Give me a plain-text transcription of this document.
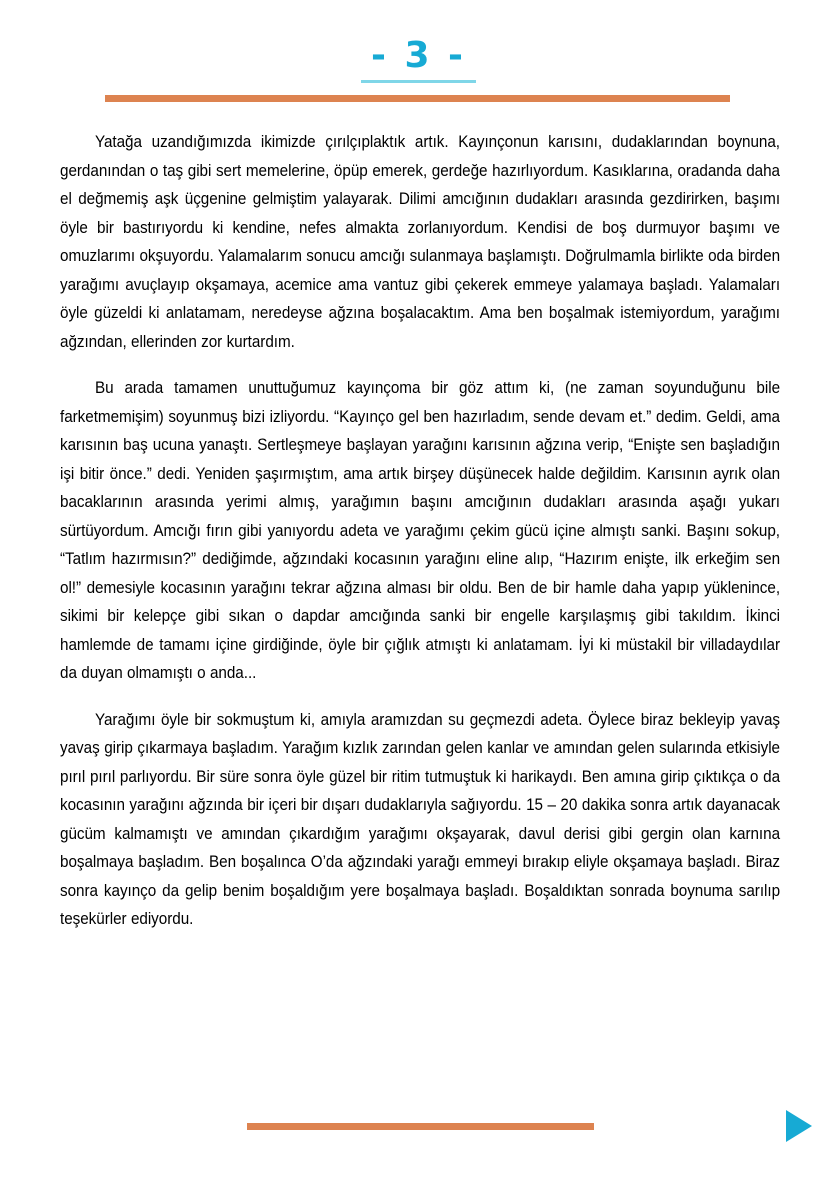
- 3 -

Yatağa uzandığımızda ikimizde çırılçıplaktık artık. Kayınçonun karısını, dudaklarından boynuna, gerdanından o taş gibi sert memelerine, öpüp emerek, gerdeğe hazırlıyordum. Kasıklarına, oradanda daha el değmemiş aşk üçgenine gelmiştim yalayarak. Dilimi amcığının dudakları arasında gezdirirken, başımı öyle bir bastırıyordu ki kendine, nefes almakta zorlanıyordum. Kendisi de boş durmuyor başımı ve omuzlarımı okşuyordu. Yalamalarım sonucu amcığı sulanmaya başlamıştı. Doğrulmamla birlikte oda birden yarağımı avuçlayıp okşamaya, acemice ama vantuz gibi çekerek emmeye yalamaya başladı. Yalamaları öyle güzeldi ki anlatamam, neredeyse ağzına boşalacaktım. Ama ben boşalmak istemiyordum, yarağımı ağzından, ellerinden zor kurtardım.

Bu arada tamamen unuttuğumuz kayınçoma bir göz attım ki, (ne zaman soyunduğunu bile farketmemişim) soyunmuş bizi izliyordu. “Kayınço gel ben hazırladım, sende devam et.” dedim. Geldi, ama karısının baş ucuna yanaştı. Sertleşmeye başlayan yarağını karısının ağzına verip, “Enişte sen başladığın işi bitir önce.” dedi. Yeniden şaşırmıştım, ama artık birşey düşünecek halde değildim. Karısının ayrık olan bacaklarının arasında yerimi almış, yarağımın başını amcığının dudakları arasında aşağı yukarı sürtüyordum. Amcığı fırın gibi yanıyordu adeta ve yarağımı çekim gücü içine almıştı sanki. Başını sokup, “Tatlım hazırmısın?” dediğimde, ağzındaki kocasının yarağını eline alıp, “Hazırım enişte, ilk erkeğim sen ol!” demesiyle kocasının yarağını tekrar ağzına alması bir oldu. Ben de bir hamle daha yapıp yüklenince, sikimi bir kelepçe gibi sıkan o dapdar amcığında sanki bir engelle karşılaşmış gibi takıldım. İkinci hamlemde de tamamı içine girdiğinde, öyle bir çığlık atmıştı ki anlatamam. İyi ki müstakil bir villadaydılar da duyan olmamıştı o anda...

Yarağımı öyle bir sokmuştum ki, amıyla aramızdan su geçmezdi adeta. Öylece biraz bekleyip yavaş yavaş girip çıkarmaya başladım. Yarağım kızlık zarından gelen kanlar ve amından gelen sularında etkisiyle pırıl pırıl parlıyordu. Bir süre sonra öyle güzel bir ritim tutmuştuk ki harikaydı. Ben amına girip çıktıkça o da kocasının yarağını ağzında bir içeri bir dışarı dudaklarıyla sağıyordu. 15 – 20 dakika sonra artık dayanacak gücüm kalmamıştı ve amından çıkardığım yarağımı okşayarak, davul derisi gibi gergin olan karnına boşalmaya başladım. Ben boşalınca O’da ağzındaki yarağı emmeyi bırakıp eliyle okşamaya başladı. Biraz sonra kayınço da gelip benim boşaldığım yere boşalmaya başladı. Boşaldıktan sonrada boynuma sarılıp teşekürler ediyordu.
